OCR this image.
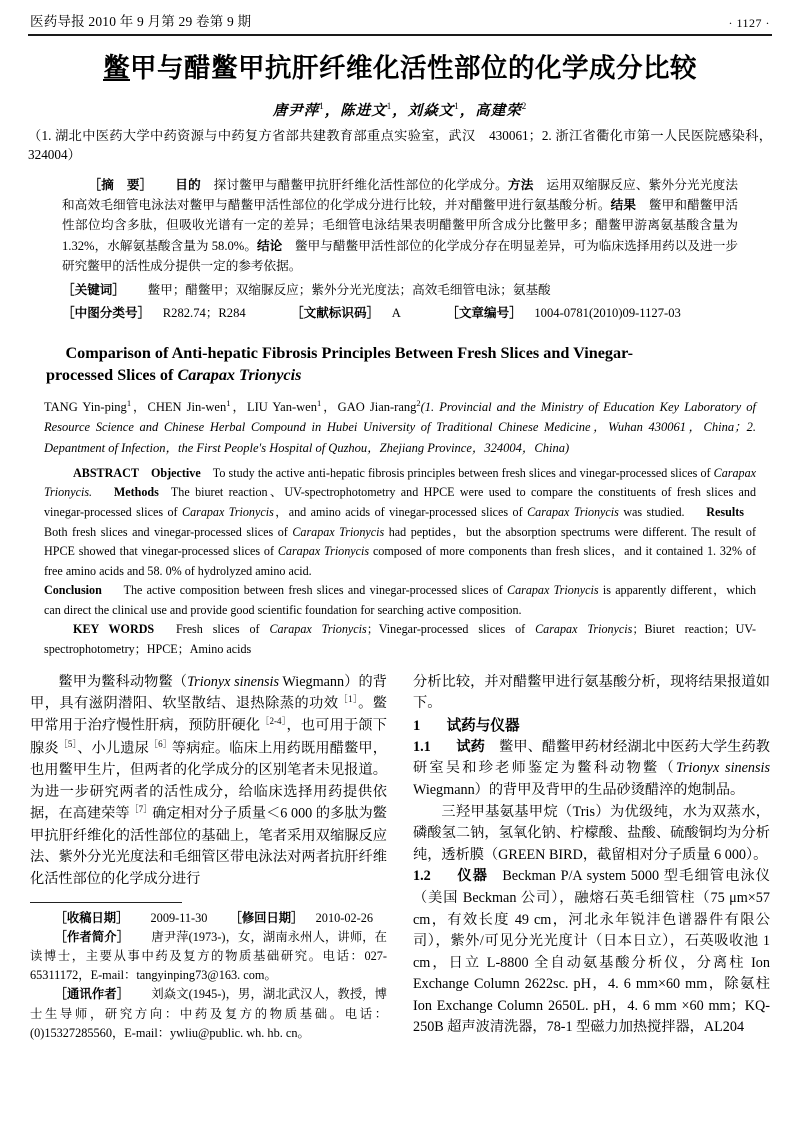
医药导报 2010 年 9 月第 29 卷第 9 期	· 1127 ·
鳖甲与醋鳖甲抗肝纤维化活性部位的化学成分比较
唐尹萍$^1$，陈进文$^1$，刘焱文$^1$，高建荣$^2$
（1. 湖北中医药大学中药资源与中药复方省部共建教育部重点实验室，武汉　430061；2. 浙江省衢化市第一人民医院感染科，324004）

［摘　要］ 目的 探讨鳖甲与醋鳖甲抗肝纤维化活性部位的化学成分。方法 运用双缩脲反应、紫外分光光度法和高效毛细管电泳法对鳖甲与醋鳖甲活性部位的化学成分进行比较，并对醋鳖甲进行氨基酸分析。结果 鳖甲和醋鳖甲活性部位均含多肽，但吸收光谱有一定的差异；毛细管电泳结果表明醋鳖甲所含成分比鳖甲多；醋鳖甲游离氨基酸含量为 1.32%，水解氨基酸含量为 58.0%。结论 鳖甲与醋鳖甲活性部位的化学成分存在明显差异，可为临床选择用药以及进一步研究鳖甲的活性成分提供一定的参考依据。

［关键词］ 鳖甲；醋鳖甲；双缩脲反应；紫外分光光度法；高效毛细管电泳；氨基酸
［中图分类号］ R282.74；R284	［文献标识码］ A	［文章编号］ 1004-0781(2010)09-1127-03
Comparison of Anti-hepatic Fibrosis Principles Between Fresh Slices and Vinegar-
processed Slices of Carapax Trionycis
TANG Yin-ping$^1$，CHEN Jin-wen$^1$，LIU Yan-wen$^1$，GAO Jian-rang$^2$(1. Provincial and the Ministry of Education Key Laboratory of Resource Science and Chinese Herbal Compound in Hubei University of Traditional Chinese Medicine，Wuhan 430061，China；2. Depantment of Infection，the First People′s Hospital of Quzhou，Zhejiang Province，324004，China)

ABSTRACT Objective To study the active anti-hepatic fibrosis principles between fresh slices and vinegar-processed slices of Carapax Trionycis. Methods The biuret reaction、UV-spectrophotometry and HPCE were used to compare the constituents of fresh slices and vinegar-processed slices of Carapax Trionycis，and amino acids of vinegar-processed slices of Carapax Trionycis was studied. ResultsBoth fresh slices and vinegar-processed slices of Carapax Trionycis had peptides，but the absorption spectrums were different. The result of HPCE showed that vinegar-processed slices of Carapax Trionycis composed of more components than fresh slices，and it contained 1. 32% of free amino acids and 58. 0% of hydrolyzed amino acid.
Conclusion The active composition between fresh slices and vinegar-processed slices of Carapax Trionycis is apparently different，which can direct the clinical use and provide good scientific foundation for searching active composition.

KEY WORDS Fresh slices of Carapax Trionycis；Vinegar-processed slices of Carapax Trionycis；Biuret reaction；UV-spectrophotometry；HPCE；Amino acids

鳖甲为鳖科动物鳖（Trionyx sinensis Wiegmann）的背甲，具有滋阴潜阳、软坚散结、退热除蒸的功效$^{[1]}$。鳖甲常用于治疗慢性肝病，预防肝硬化$^{[2-4]}$，也可用于颌下腺炎$^{[5]}$、小儿遗尿$^{[6]}$等病症。临床上用药既用醋鳖甲，也用鳖甲生片，但两者的化学成分的区别笔者未见报道。为进一步研究两者的活性成分，给临床选择用药提供依据，在高建荣等$^{[7]}$确定相对分子质量＜6 000 的多肽为鳖甲抗肝纤维化的活性部位的基础上，笔者采用双缩脲反应法、紫外分光光度法和毛细管区带电泳法对两者抗肝纤维化活性部位的化学成分进行

［收稿日期］ 2009-11-30 ［修回日期］ 2010-02-26

［作者简介］ 唐尹萍(1973-)，女，湖南永州人，讲师，在读博士，主要从事中药及复方的物质基础研究。电话：027-65311172，E-mail：tangyinping73@163. com。

［通讯作者］ 刘焱文(1945-)，男，湖北武汉人，教授，博士生导师，研究方向：中药及复方的物质基础。电话：(0)15327285560，E-mail：ywliu@public. wh. hb. cn。

分析比较，并对醋鳖甲进行氨基酸分析，现将结果报道如下。

1 试药与仪器

1.1 试药 鳖甲、醋鳖甲药材经湖北中医药大学生药教研室吴和珍老师鉴定为鳖科动物鳖（Trionyx sinensis Wiegmann）的背甲及背甲的生品砂烫醋淬的炮制品。

三羟甲基氨基甲烷（Tris）为优级纯，水为双蒸水，磷酸氢二钠，氢氧化钠、柠檬酸、盐酸、硫酸铜均为分析纯，透析膜（GREEN BIRD，截留相对分子质量 6 000）。

1.2 仪器 Beckman P/A system 5000 型毛细管电泳仪（美国 Beckman 公司），融熔石英毛细管柱（75 μm×57 cm，有效长度 49 cm，河北永年锐沣色谱器件有限公司），紫外/可见分光光度计（日本日立），石英吸收池 1 cm，日立 L-8800 全自动氨基酸分析仪，分离柱 Ion Exchange Column 2622sc. pH，4. 6 mm×60 mm，除氨柱 Ion Exchange Column 2650L. pH，4. 6 mm ×60 mm；KQ-250B 超声波清洗器，78-1 型磁力加热搅拌器，AL204
